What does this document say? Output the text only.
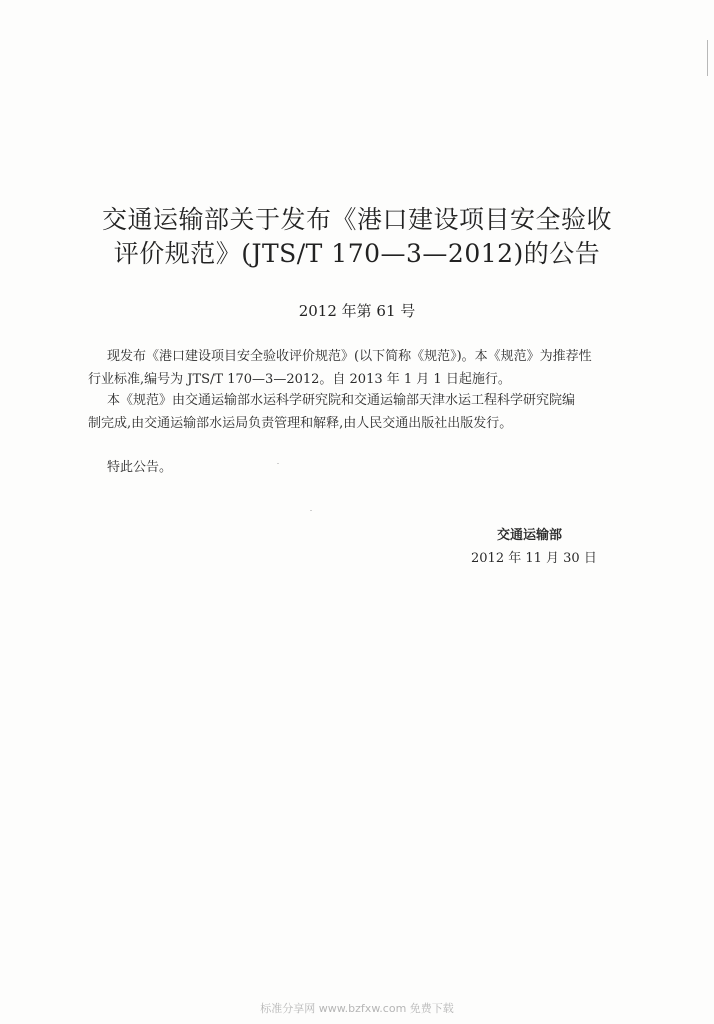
交通运输部关于发布《港口建设项目安全验收
评价规范》(JTS/T 170—3—2012)的公告
2012 年第 61 号
现发布《港口建设项目安全验收评价规范》(以下简称《规范》)。本《规范》为推荐性
行业标准,编号为 JTS/T 170—3—2012。自 2013 年 1 月 1 日起施行。
本《规范》由交通运输部水运科学研究院和交通运输部天津水运工程科学研究院编
制完成,由交通运输部水运局负责管理和解释,由人民交通出版社出版发行。
特此公告。
交通运输部
2012 年 11 月 30 日
标准分享网 www.bzfxw.com 免费下载
